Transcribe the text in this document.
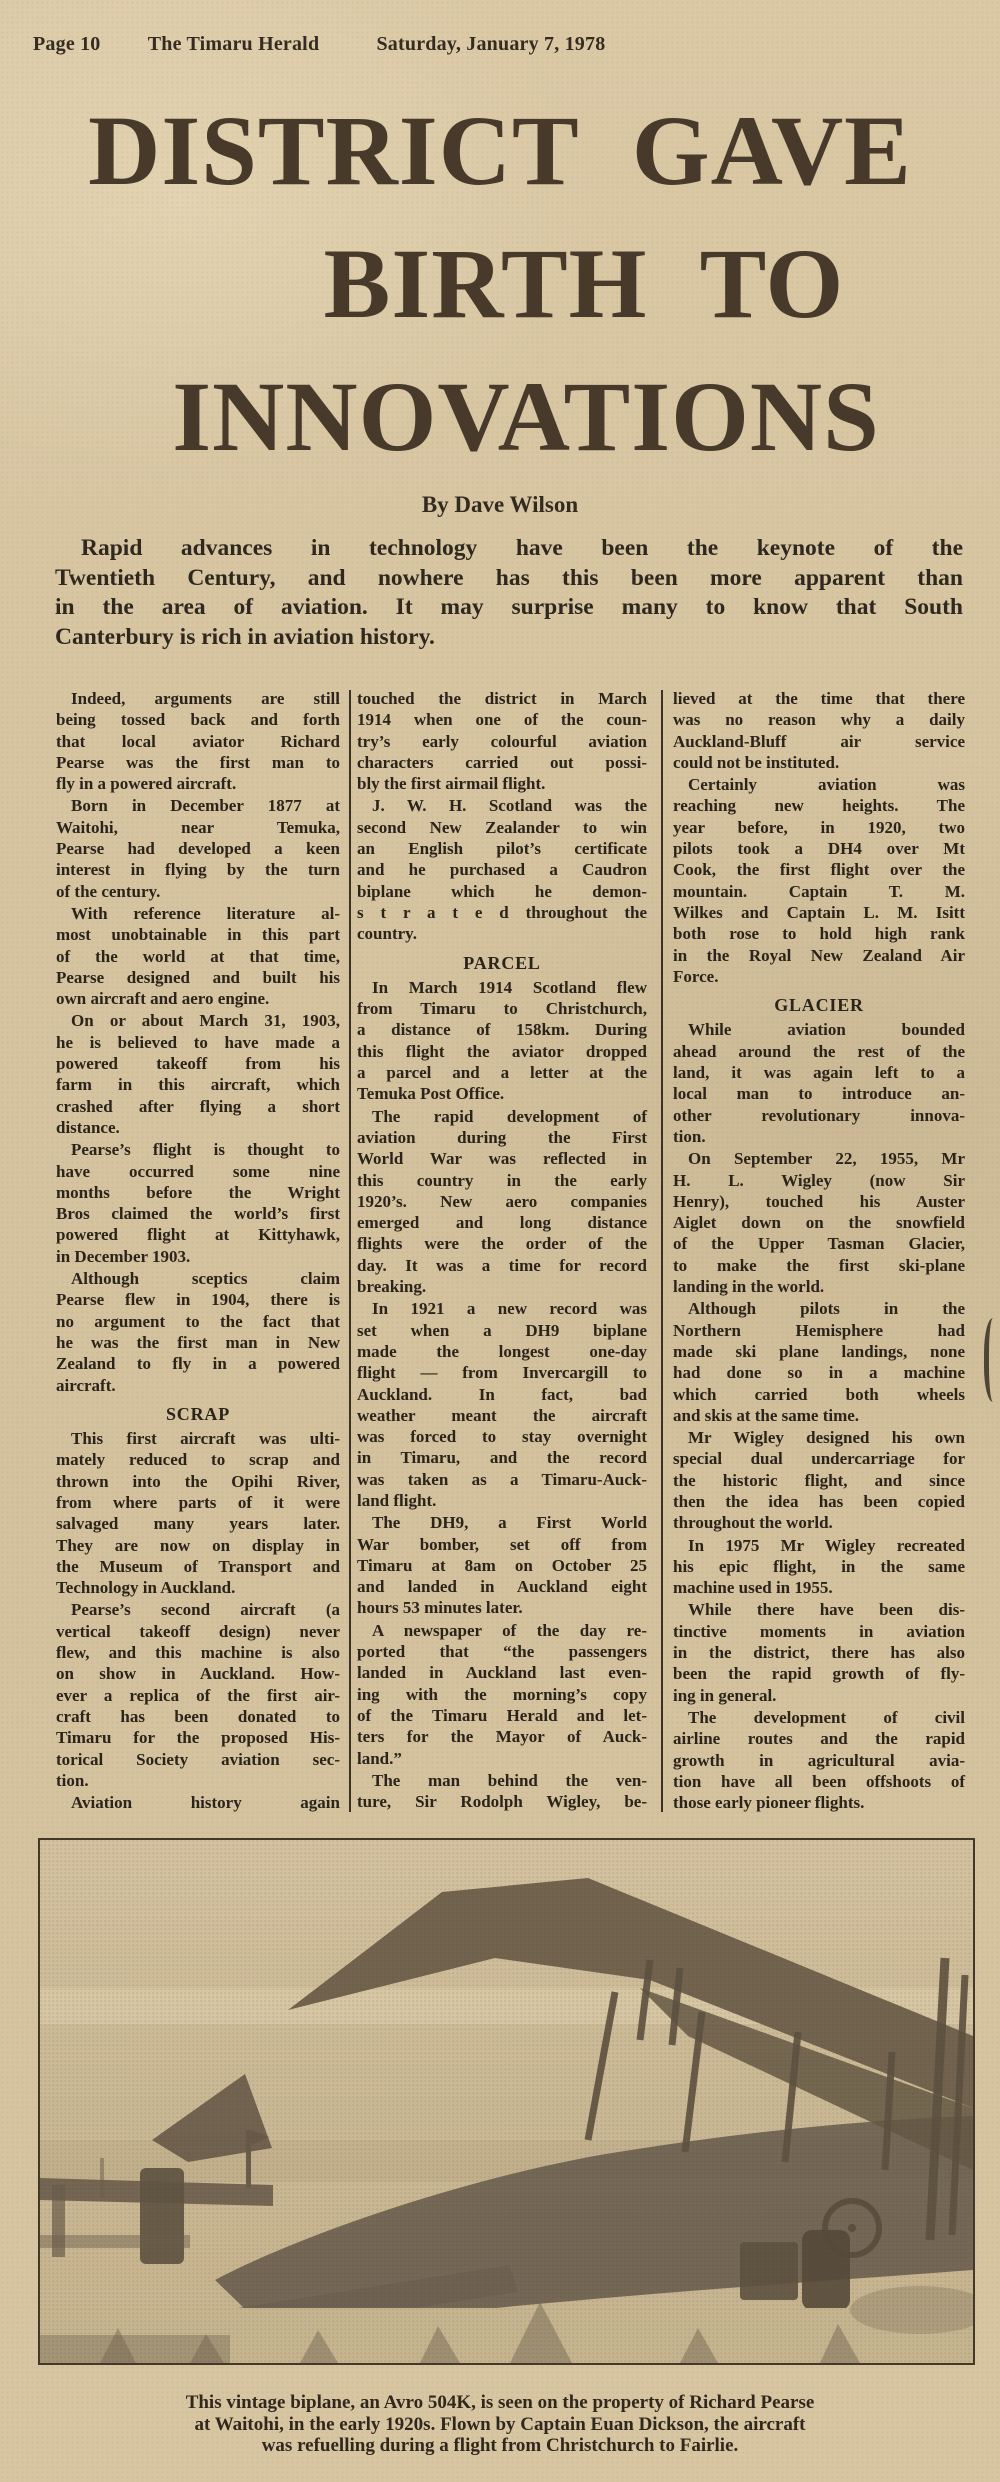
Page 10 The Timaru Herald	Saturday, January 7, 1978
DISTRICT GAVE
BIRTH TO
INNOVATIONS
By Dave Wilson
Rapid advances in technology have been the keynote of the
Twentieth Century, and nowhere has this been more apparent than
in the area of aviation. It may surprise many to know that South
Canterbury is rich in aviation history.
Indeed, arguments are still
being tossed back and forth
that local aviator Richard
Pearse was the first man to
fly in a powered aircraft.
Born in December 1877 at
Waitohi, near Temuka,
Pearse had developed a keen
interest in flying by the turn
of the century.
With reference literature al-
most unobtainable in this part
of the world at that time,
Pearse designed and built his
own aircraft and aero engine.
On or about March 31, 1903,
he is believed to have made a
powered takeoff from his
farm in this aircraft, which
crashed after flying a short
distance.
Pearse’s flight is thought to
have occurred some nine
months before the Wright
Bros claimed the world’s first
powered flight at Kittyhawk,
in December 1903.
Although sceptics claim
Pearse flew in 1904, there is
no argument to the fact that
he was the first man in New
Zealand to fly in a powered
aircraft.
SCRAP
This first aircraft was ulti-
mately reduced to scrap and
thrown into the Opihi River,
from where parts of it were
salvaged many years later.
They are now on display in
the Museum of Transport and
Technology in Auckland.
Pearse’s second aircraft (a
vertical takeoff design) never
flew, and this machine is also
on show in Auckland. How-
ever a replica of the first air-
craft has been donated to
Timaru for the proposed His-
torical Society aviation sec-
tion.
Aviation history again
touched the district in March
1914 when one of the coun-
try’s early colourful aviation
characters carried out possi-
bly the first airmail flight.
J. W. H. Scotland was the
second New Zealander to win
an English pilot’s certificate
and he purchased a Caudron
biplane which he demon-
s t r a t e d throughout the
country.
PARCEL
In March 1914 Scotland flew
from Timaru to Christchurch,
a distance of 158km. During
this flight the aviator dropped
a parcel and a letter at the
Temuka Post Office.
The rapid development of
aviation during the First
World War was reflected in
this country in the early
1920’s. New aero companies
emerged and long distance
flights were the order of the
day. It was a time for record
breaking.
In 1921 a new record was
set when a DH9 biplane
made the longest one-day
flight — from Invercargill to
Auckland. In fact, bad
weather meant the aircraft
was forced to stay overnight
in Timaru, and the record
was taken as a Timaru-Auck-
land flight.
The DH9, a First World
War bomber, set off from
Timaru at 8am on October 25
and landed in Auckland eight
hours 53 minutes later.
A newspaper of the day re-
ported that “the passengers
landed in Auckland last even-
ing with the morning’s copy
of the Timaru Herald and let-
ters for the Mayor of Auck-
land.”
The man behind the ven-
ture, Sir Rodolph Wigley, be-
lieved at the time that there
was no reason why a daily
Auckland-Bluff air service
could not be instituted.
Certainly aviation was
reaching new heights. The
year before, in 1920, two
pilots took a DH4 over Mt
Cook, the first flight over the
mountain. Captain T. M.
Wilkes and Captain L. M. Isitt
both rose to hold high rank
in the Royal New Zealand Air
Force.
GLACIER
While aviation bounded
ahead around the rest of the
land, it was again left to a
local man to introduce an-
other revolutionary innova-
tion.
On September 22, 1955, Mr
H. L. Wigley (now Sir
Henry), touched his Auster
Aiglet down on the snowfield
of the Upper Tasman Glacier,
to make the first ski-plane
landing in the world.
Although pilots in the
Northern Hemisphere had
made ski plane landings, none
had done so in a machine
which carried both wheels
and skis at the same time.
Mr Wigley designed his own
special dual undercarriage for
the historic flight, and since
then the idea has been copied
throughout the world.
In 1975 Mr Wigley recreated
his epic flight, in the same
machine used in 1955.
While there have been dis-
tinctive moments in aviation
in the district, there has also
been the rapid growth of fly-
ing in general.
The development of civil
airline routes and the rapid
growth in agricultural avia-
tion have all been offshoots of
those early pioneer flights.
This vintage biplane, an Avro 504K, is seen on the property of Richard Pearse
at Waitohi, in the early 1920s. Flown by Captain Euan Dickson, the aircraft
was refuelling during a flight from Christchurch to Fairlie.
